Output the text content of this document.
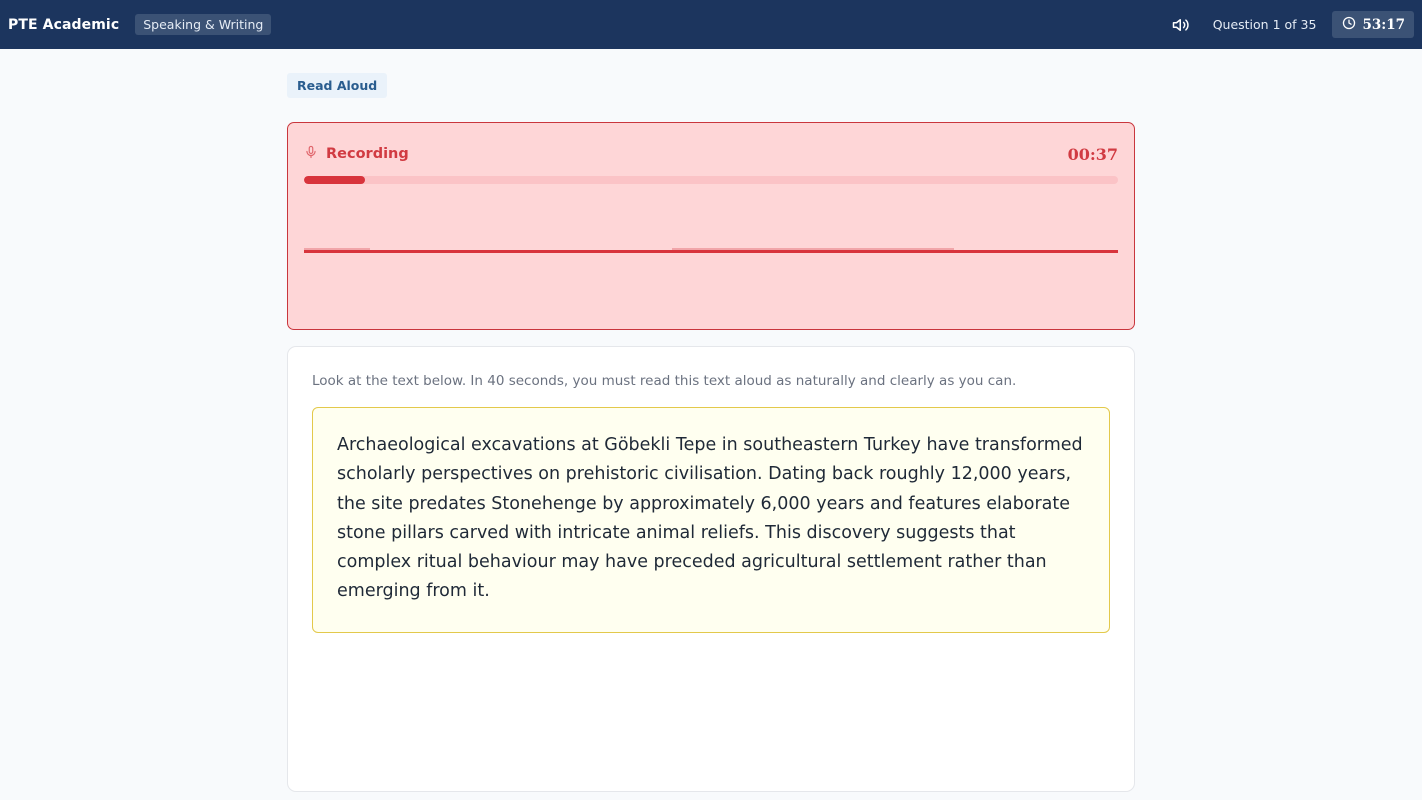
PTE Academic	Speaking & Writing	Question 1 of 35	53:17
Read Aloud
Recording	00:37

Look at the text below. In 40 seconds, you must read this text aloud as naturally and clearly as you can.

Archaeological excavations at Göbekli Tepe in southeastern Turkey have transformed scholarly perspectives on prehistoric civilisation. Dating back roughly 12,000 years, the site predates Stonehenge by approximately 6,000 years and features elaborate stone pillars carved with intricate animal reliefs. This discovery suggests that complex ritual behaviour may have preceded agricultural settlement rather than emerging from it.
